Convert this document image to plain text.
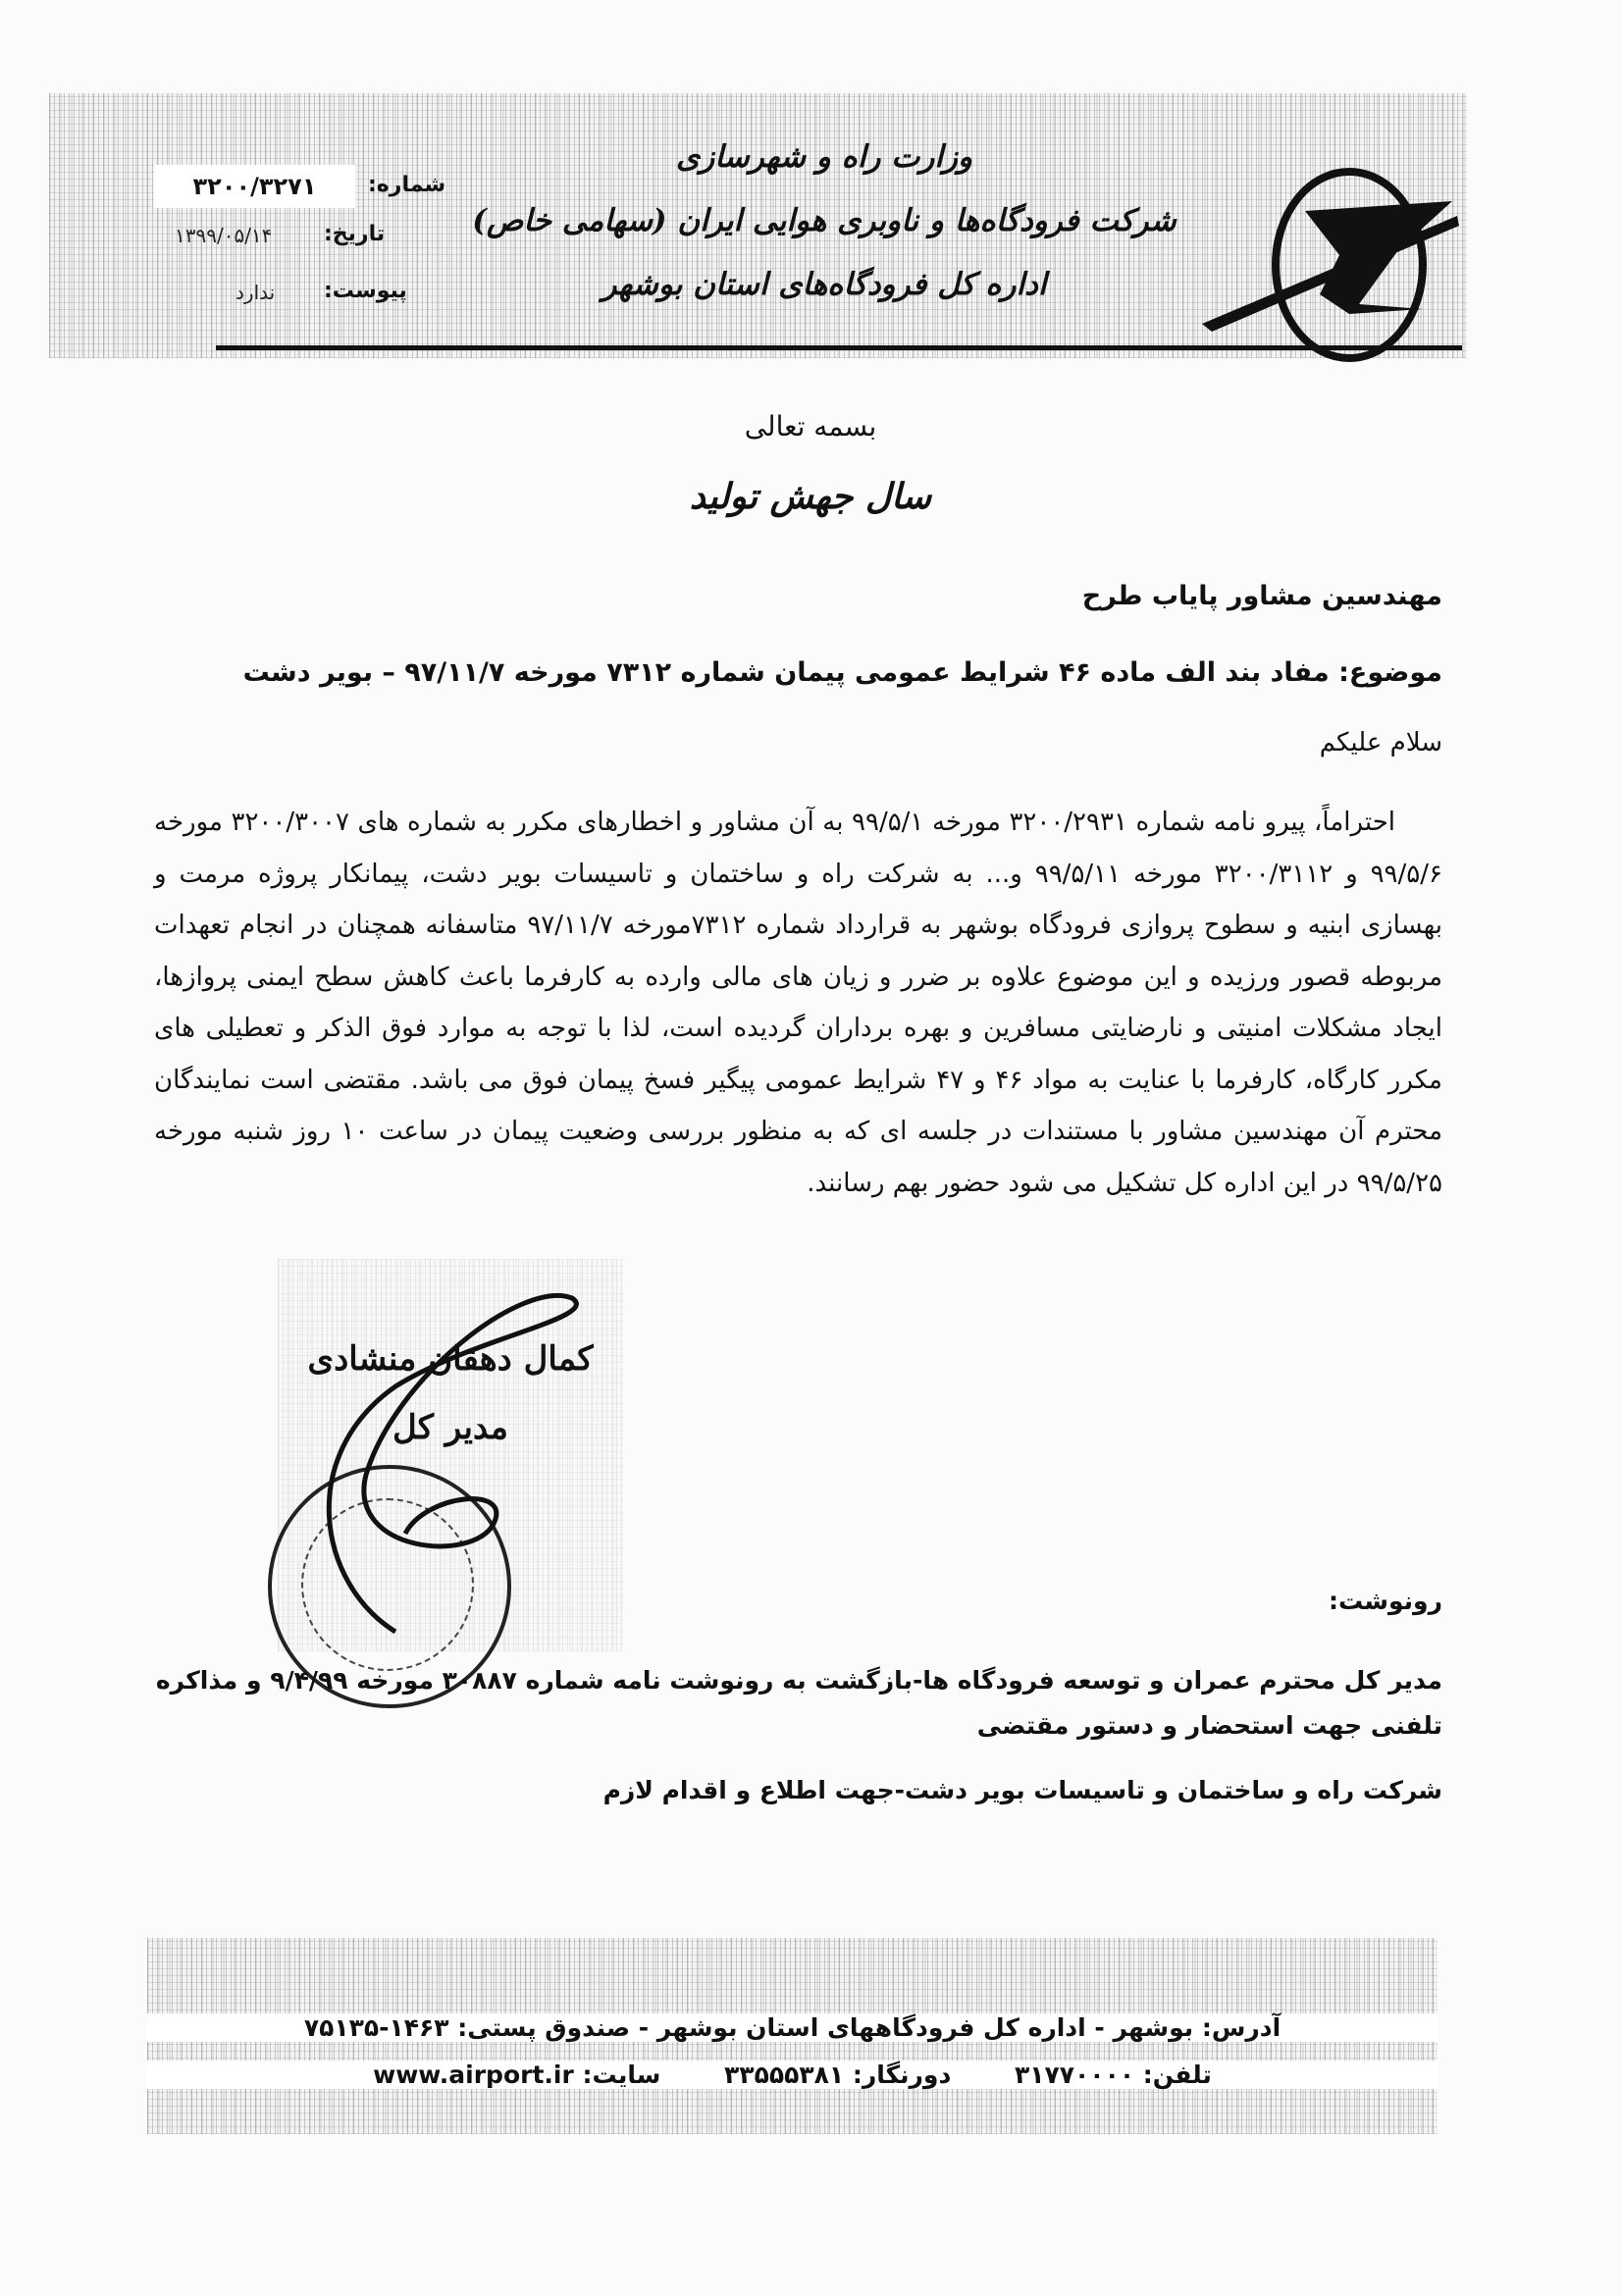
وزارت راه و شهرسازی
شرکت فرودگاه‌ها و ناوبری هوایی ایران (سهامی خاص)
اداره کل فرودگاه‌های استان بوشهر
۳۲۰۰/۳۲۷۱	شماره:
۱۳۹۹/۰۵/۱۴ تاریخ:
ندارد پیوست:
بسمه تعالی
سال جهش تولید
مهندسین مشاور پایاب طرح
موضوع: مفاد بند الف ماده ۴۶ شرایط عمومی پیمان شماره ۷۳۱۲ مورخه ۹۷/۱۱/۷ – بویر دشت
سلام علیکم
احتراماً، پیرو نامه شماره ۳۲۰۰/۲۹۳۱ مورخه ۹۹/۵/۱ به آن مشاور و اخطارهای مکرر به شماره های ۳۲۰۰/۳۰۰۷ مورخه ۹۹/۵/۶ و ۳۲۰۰/۳۱۱۲ مورخه ۹۹/۵/۱۱ و... به شرکت راه و ساختمان و تاسیسات بویر دشت، پیمانکار پروژه مرمت و بهسازی ابنیه و سطوح پروازی فرودگاه بوشهر به قرارداد شماره ۷۳۱۲مورخه ۹۷/۱۱/۷ متاسفانه همچنان در انجام تعهدات مربوطه قصور ورزیده و این موضوع علاوه بر ضرر و زیان های مالی وارده به کارفرما باعث کاهش سطح ایمنی پروازها، ایجاد مشکلات امنیتی و نارضایتی مسافرین و بهره برداران گردیده است، لذا با توجه به موارد فوق الذکر و تعطیلی های مکرر کارگاه، کارفرما با عنایت به مواد ۴۶ و ۴۷ شرایط عمومی پیگیر فسخ پیمان فوق می باشد. مقتضی است نمایندگان محترم آن مهندسین مشاور با مستندات در جلسه ای که به منظور بررسی وضعیت پیمان در ساعت ۱۰ روز شنبه مورخه ۹۹/۵/۲۵ در این اداره کل تشکیل می شود حضور بهم رسانند.
کمال دهقان منشادی
مدیر کل
رونوشت:
مدیر کل محترم عمران و توسعه فرودگاه ها-بازگشت به رونوشت نامه شماره ۳۰۸۸۷ مورخه ۹/۴/۹۹ و مذاکره تلفنی جهت استحضار و دستور مقتضی
شرکت راه و ساختمان و تاسیسات بویر دشت-جهت اطلاع و اقدام لازم
آدرس: بوشهر - اداره کل فرودگاههای استان بوشهر - صندوق پستی: ۱۴۶۳-۷۵۱۳۵
تلفن: ۳۱۷۷۰۰۰۰ دورنگار: ۳۳۵۵۵۳۸۱ سایت: www.airport.ir
